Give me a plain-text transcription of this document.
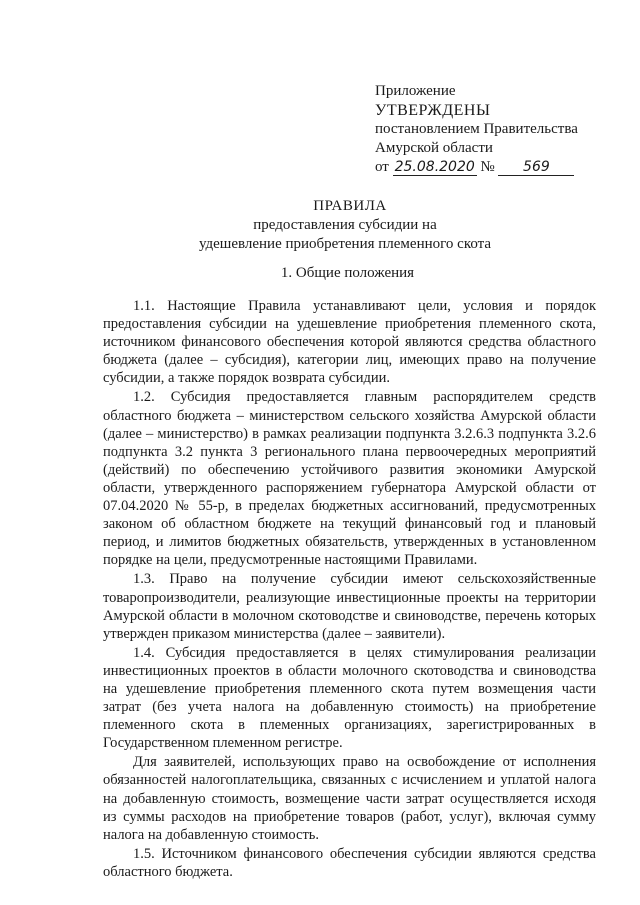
Приложение
УТВЕРЖДЕНЫ
постановлением Правительства
Амурской области
от 25.08.2020 № 569
ПРАВИЛА
предоставления субсидии на
удешевление приобретения племенного скота
1. Общие положения

1.1. Настоящие Правила устанавливают цели, условия и порядок предоставления субсидии на удешевление приобретения племенного скота, источником финансового обеспечения которой являются средства областного бюджета (далее – субсидия), категории лиц, имеющих право на получение субсидии, а также порядок возврата субсидии.

1.2. Субсидия предоставляется главным распорядителем средств областного бюджета – министерством сельского хозяйства Амурской области (далее – министерство) в рамках реализации подпункта 3.2.6.3 подпункта 3.2.6 подпункта 3.2 пункта 3 регионального плана первоочередных мероприятий (действий) по обеспечению устойчивого развития экономики Амурской области, утвержденного распоряжением губернатора Амурской области от 07.04.2020 № 55-р, в пределах бюджетных ассигнований, предусмотренных законом об областном бюджете на текущий финансовый год и плановый период, и лимитов бюджетных обязательств, утвержденных в установленном порядке на цели, предусмотренные настоящими Правилами.

1.3. Право на получение субсидии имеют сельскохозяйственные товаропроизводители, реализующие инвестиционные проекты на территории Амурской области в молочном скотоводстве и свиноводстве, перечень которых утвержден приказом министерства (далее – заявители).

1.4. Субсидия предоставляется в целях стимулирования реализации инвестиционных проектов в области молочного скотоводства и свиноводства на удешевление приобретения племенного скота путем возмещения части затрат (без учета налога на добавленную стоимость) на приобретение племенного скота в племенных организациях, зарегистрированных в Государственном племенном регистре.

Для заявителей, использующих право на освобождение от исполнения обязанностей налогоплательщика, связанных с исчислением и уплатой налога на добавленную стоимость, возмещение части затрат осуществляется исходя из суммы расходов на приобретение товаров (работ, услуг), включая сумму налога на добавленную стоимость.

1.5. Источником финансового обеспечения субсидии являются средства областного бюджета.
